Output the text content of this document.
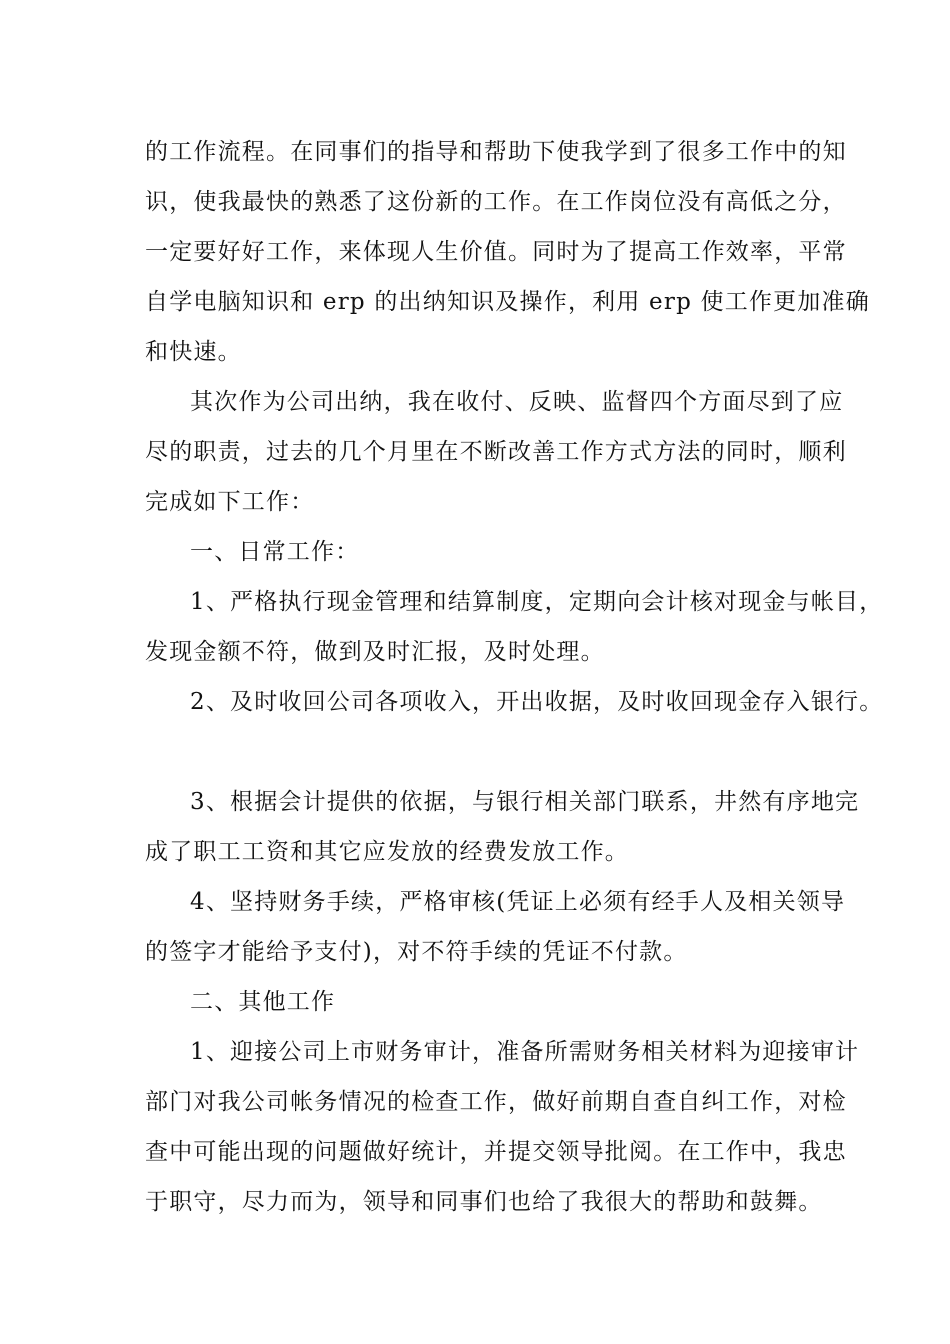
的工作流程。在同事们的指导和帮助下使我学到了很多工作中的知
识，使我最快的熟悉了这份新的工作。在工作岗位没有高低之分，
一定要好好工作，来体现人生价值。同时为了提高工作效率，平常
自学电脑知识和 erp 的出纳知识及操作，利用 erp 使工作更加准确
和快速。
其次作为公司出纳，我在收付、反映、监督四个方面尽到了应
尽的职责，过去的几个月里在不断改善工作方式方法的同时，顺利
完成如下工作：
一、日常工作：
1、严格执行现金管理和结算制度，定期向会计核对现金与帐目，
发现金额不符，做到及时汇报，及时处理。
2、及时收回公司各项收入，开出收据，及时收回现金存入银行。
3、根据会计提供的依据，与银行相关部门联系，井然有序地完
成了职工工资和其它应发放的经费发放工作。
4、坚持财务手续，严格审核(凭证上必须有经手人及相关领导
的签字才能给予支付)，对不符手续的凭证不付款。
二、其他工作
1、迎接公司上市财务审计，准备所需财务相关材料为迎接审计
部门对我公司帐务情况的检查工作，做好前期自查自纠工作，对检
查中可能出现的问题做好统计，并提交领导批阅。在工作中，我忠
于职守，尽力而为，领导和同事们也给了我很大的帮助和鼓舞。
